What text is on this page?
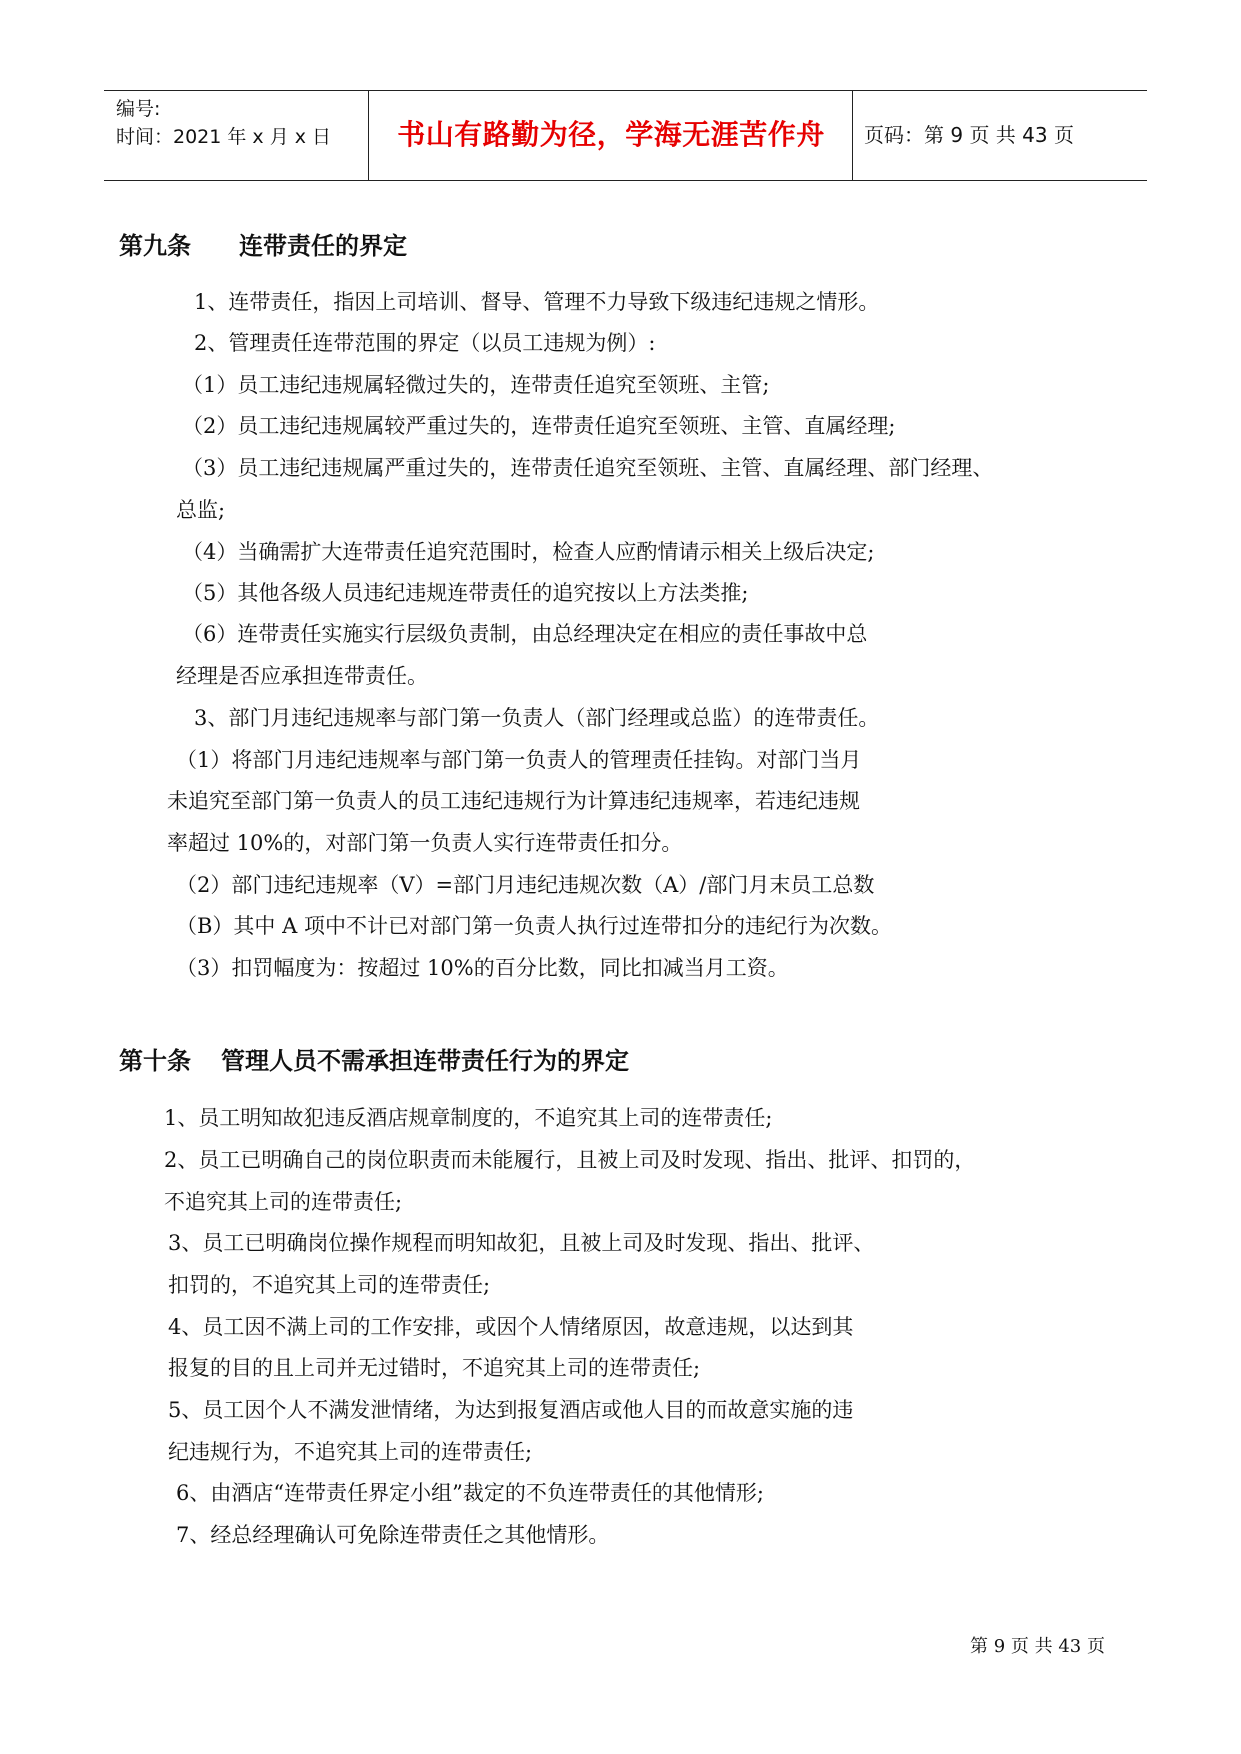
编号:
时间：2021 年 x 月 x 日	书山有路勤为径，学海无涯苦作舟	页码：第 9 页 共 43 页
第九条 连带责任的界定
1、连带责任，指因上司培训、督导、管理不力导致下级违纪违规之情形。
2、管理责任连带范围的界定（以员工违规为例）:
（1）员工违纪违规属轻微过失的，连带责任追究至领班、主管;
（2）员工违纪违规属较严重过失的，连带责任追究至领班、主管、直属经理;
（3）员工违纪违规属严重过失的，连带责任追究至领班、主管、直属经理、部门经理、
总监;
（4）当确需扩大连带责任追究范围时，检查人应酌情请示相关上级后决定;
（5）其他各级人员违纪违规连带责任的追究按以上方法类推;
（6）连带责任实施实行层级负责制，由总经理决定在相应的责任事故中总
经理是否应承担连带责任。
3、部门月违纪违规率与部门第一负责人（部门经理或总监）的连带责任。
（1）将部门月违纪违规率与部门第一负责人的管理责任挂钩。对部门当月
未追究至部门第一负责人的员工违纪违规行为计算违纪违规率，若违纪违规
率超过 10%的，对部门第一负责人实行连带责任扣分。
（2）部门违纪违规率（V）=部门月违纪违规次数（A）/部门月末员工总数
（B）其中 A 项中不计已对部门第一负责人执行过连带扣分的违纪行为次数。
（3）扣罚幅度为：按超过 10%的百分比数，同比扣减当月工资。
第十条 管理人员不需承担连带责任行为的界定
1、员工明知故犯违反酒店规章制度的，不追究其上司的连带责任;
2、员工已明确自己的岗位职责而未能履行，且被上司及时发现、指出、批评、扣罚的，
不追究其上司的连带责任;
3、员工已明确岗位操作规程而明知故犯，且被上司及时发现、指出、批评、
扣罚的，不追究其上司的连带责任;
4、员工因不满上司的工作安排，或因个人情绪原因，故意违规，以达到其
报复的目的且上司并无过错时，不追究其上司的连带责任;
5、员工因个人不满发泄情绪，为达到报复酒店或他人目的而故意实施的违
纪违规行为，不追究其上司的连带责任;
6、由酒店“连带责任界定小组”裁定的不负连带责任的其他情形;
7、经总经理确认可免除连带责任之其他情形。
第 9 页 共 43 页
